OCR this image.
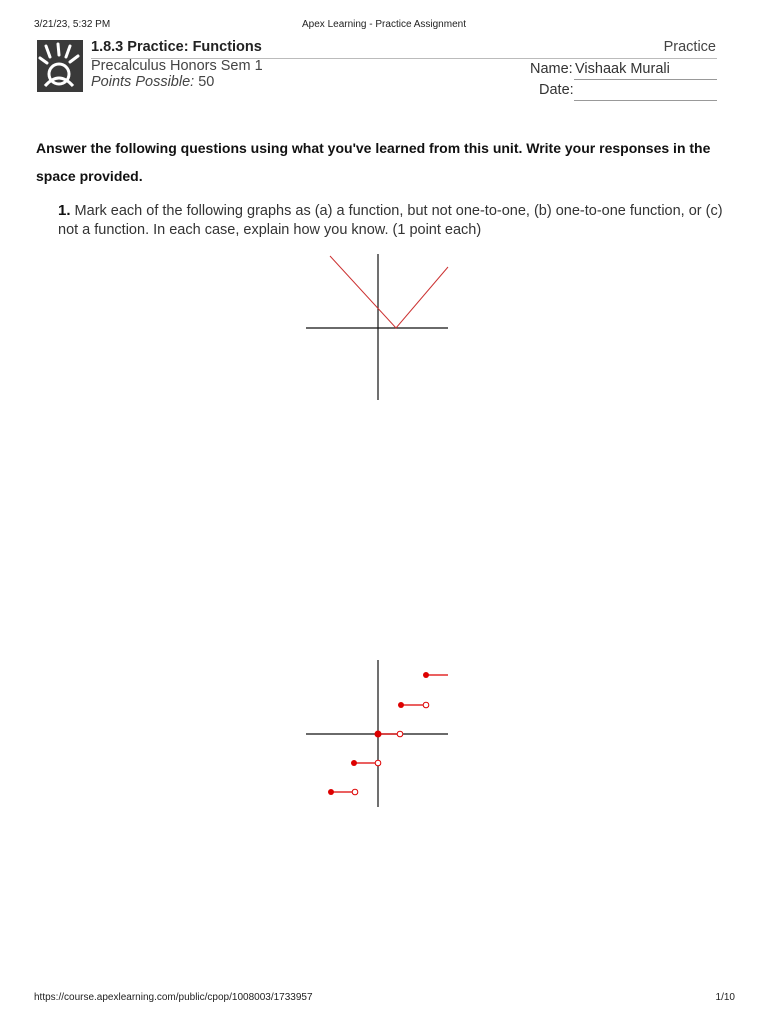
3/21/23, 5:32 PM	Apex Learning - Practice Assignment
1.8.3 Practice: Functions
Precalculus Honors Sem 1
Points Possible: 50
Practice
Name: Vishaak Murali
Date:
Answer the following questions using what you've learned from this unit. Write your responses in the space provided.
1. Mark each of the following graphs as (a) a function, but not one-to-one, (b) one-to-one function, or (c) not a function. In each case, explain how you know. (1 point each)
https://course.apexlearning.com/public/cpop/1008003/1733957	1/10
